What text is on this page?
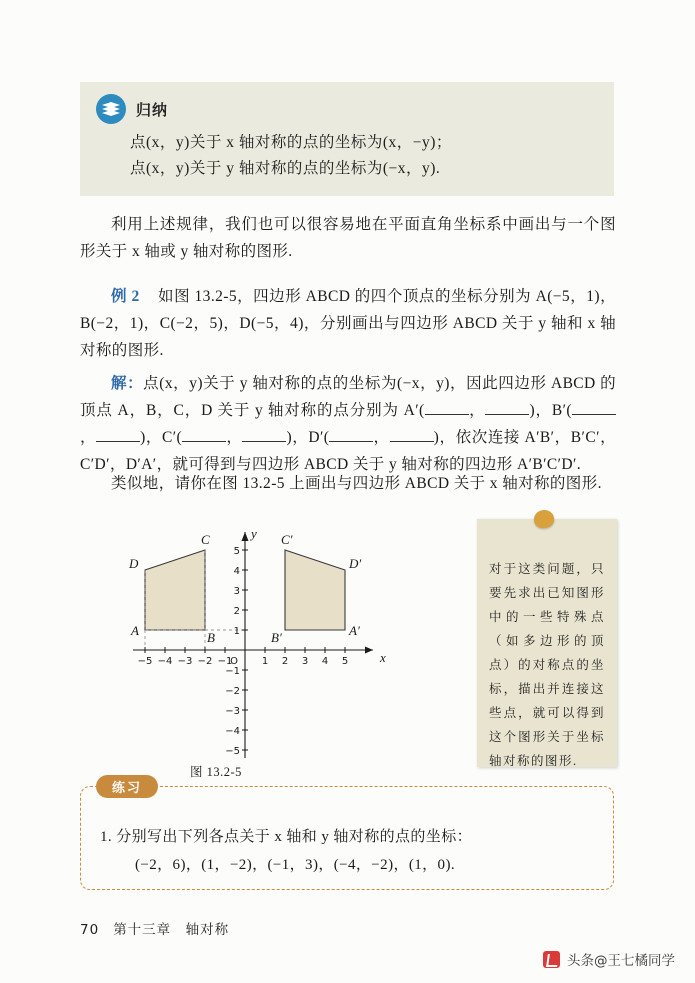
归纳
点(x，y)关于 x 轴对称的点的坐标为(x，−y)；
点(x，y)关于 y 轴对称的点的坐标为(−x，y).
利用上述规律，我们也可以很容易地在平面直角坐标系中画出与一个图形关于 x 轴或 y 轴对称的图形.
例 2 如图 13.2-5，四边形 ABCD 的四个顶点的坐标分别为 A(−5，1)，B(−2，1)，C(−2，5)，D(−5，4)，分别画出与四边形 ABCD 关于 y 轴和 x 轴对称的图形.
解：点(x，y)关于 y 轴对称的点的坐标为(−x，y)，因此四边形 ABCD 的顶点 A，B，C，D 关于 y 轴对称的点分别为 A′(	，	)，B′(，	)，C′(	，	)，D′(	，	)，依次连接 A′B′，B′C′，C′D′，D′A′，就可得到与四边形 ABCD 关于 y 轴对称的四边形 A′B′C′D′.
类似地，请你在图 13.2-5 上画出与四边形 ABCD 关于 x 轴对称的图形.
−5 −4 −3 −2 −1	1 2 3 4 5
1
2
3
4
5
−1
−2
−3
−4
−5
O	x
y
A	B
C
D
A′
B′
C′
D′
图 13.2-5
对于这类问题，只要先求出已知图形中的一些特殊点（如多边形的顶点）的对称点的坐标，描出并连接这些点，就可以得到这个图形关于坐标轴对称的图形.
练习
1. 分别写出下列各点关于 x 轴和 y 轴对称的点的坐标：
(−2，6)，(1，−2)，(−1，3)，(−4，−2)，(1，0).
70 第十三章　轴对称
头条@王七橘同学
